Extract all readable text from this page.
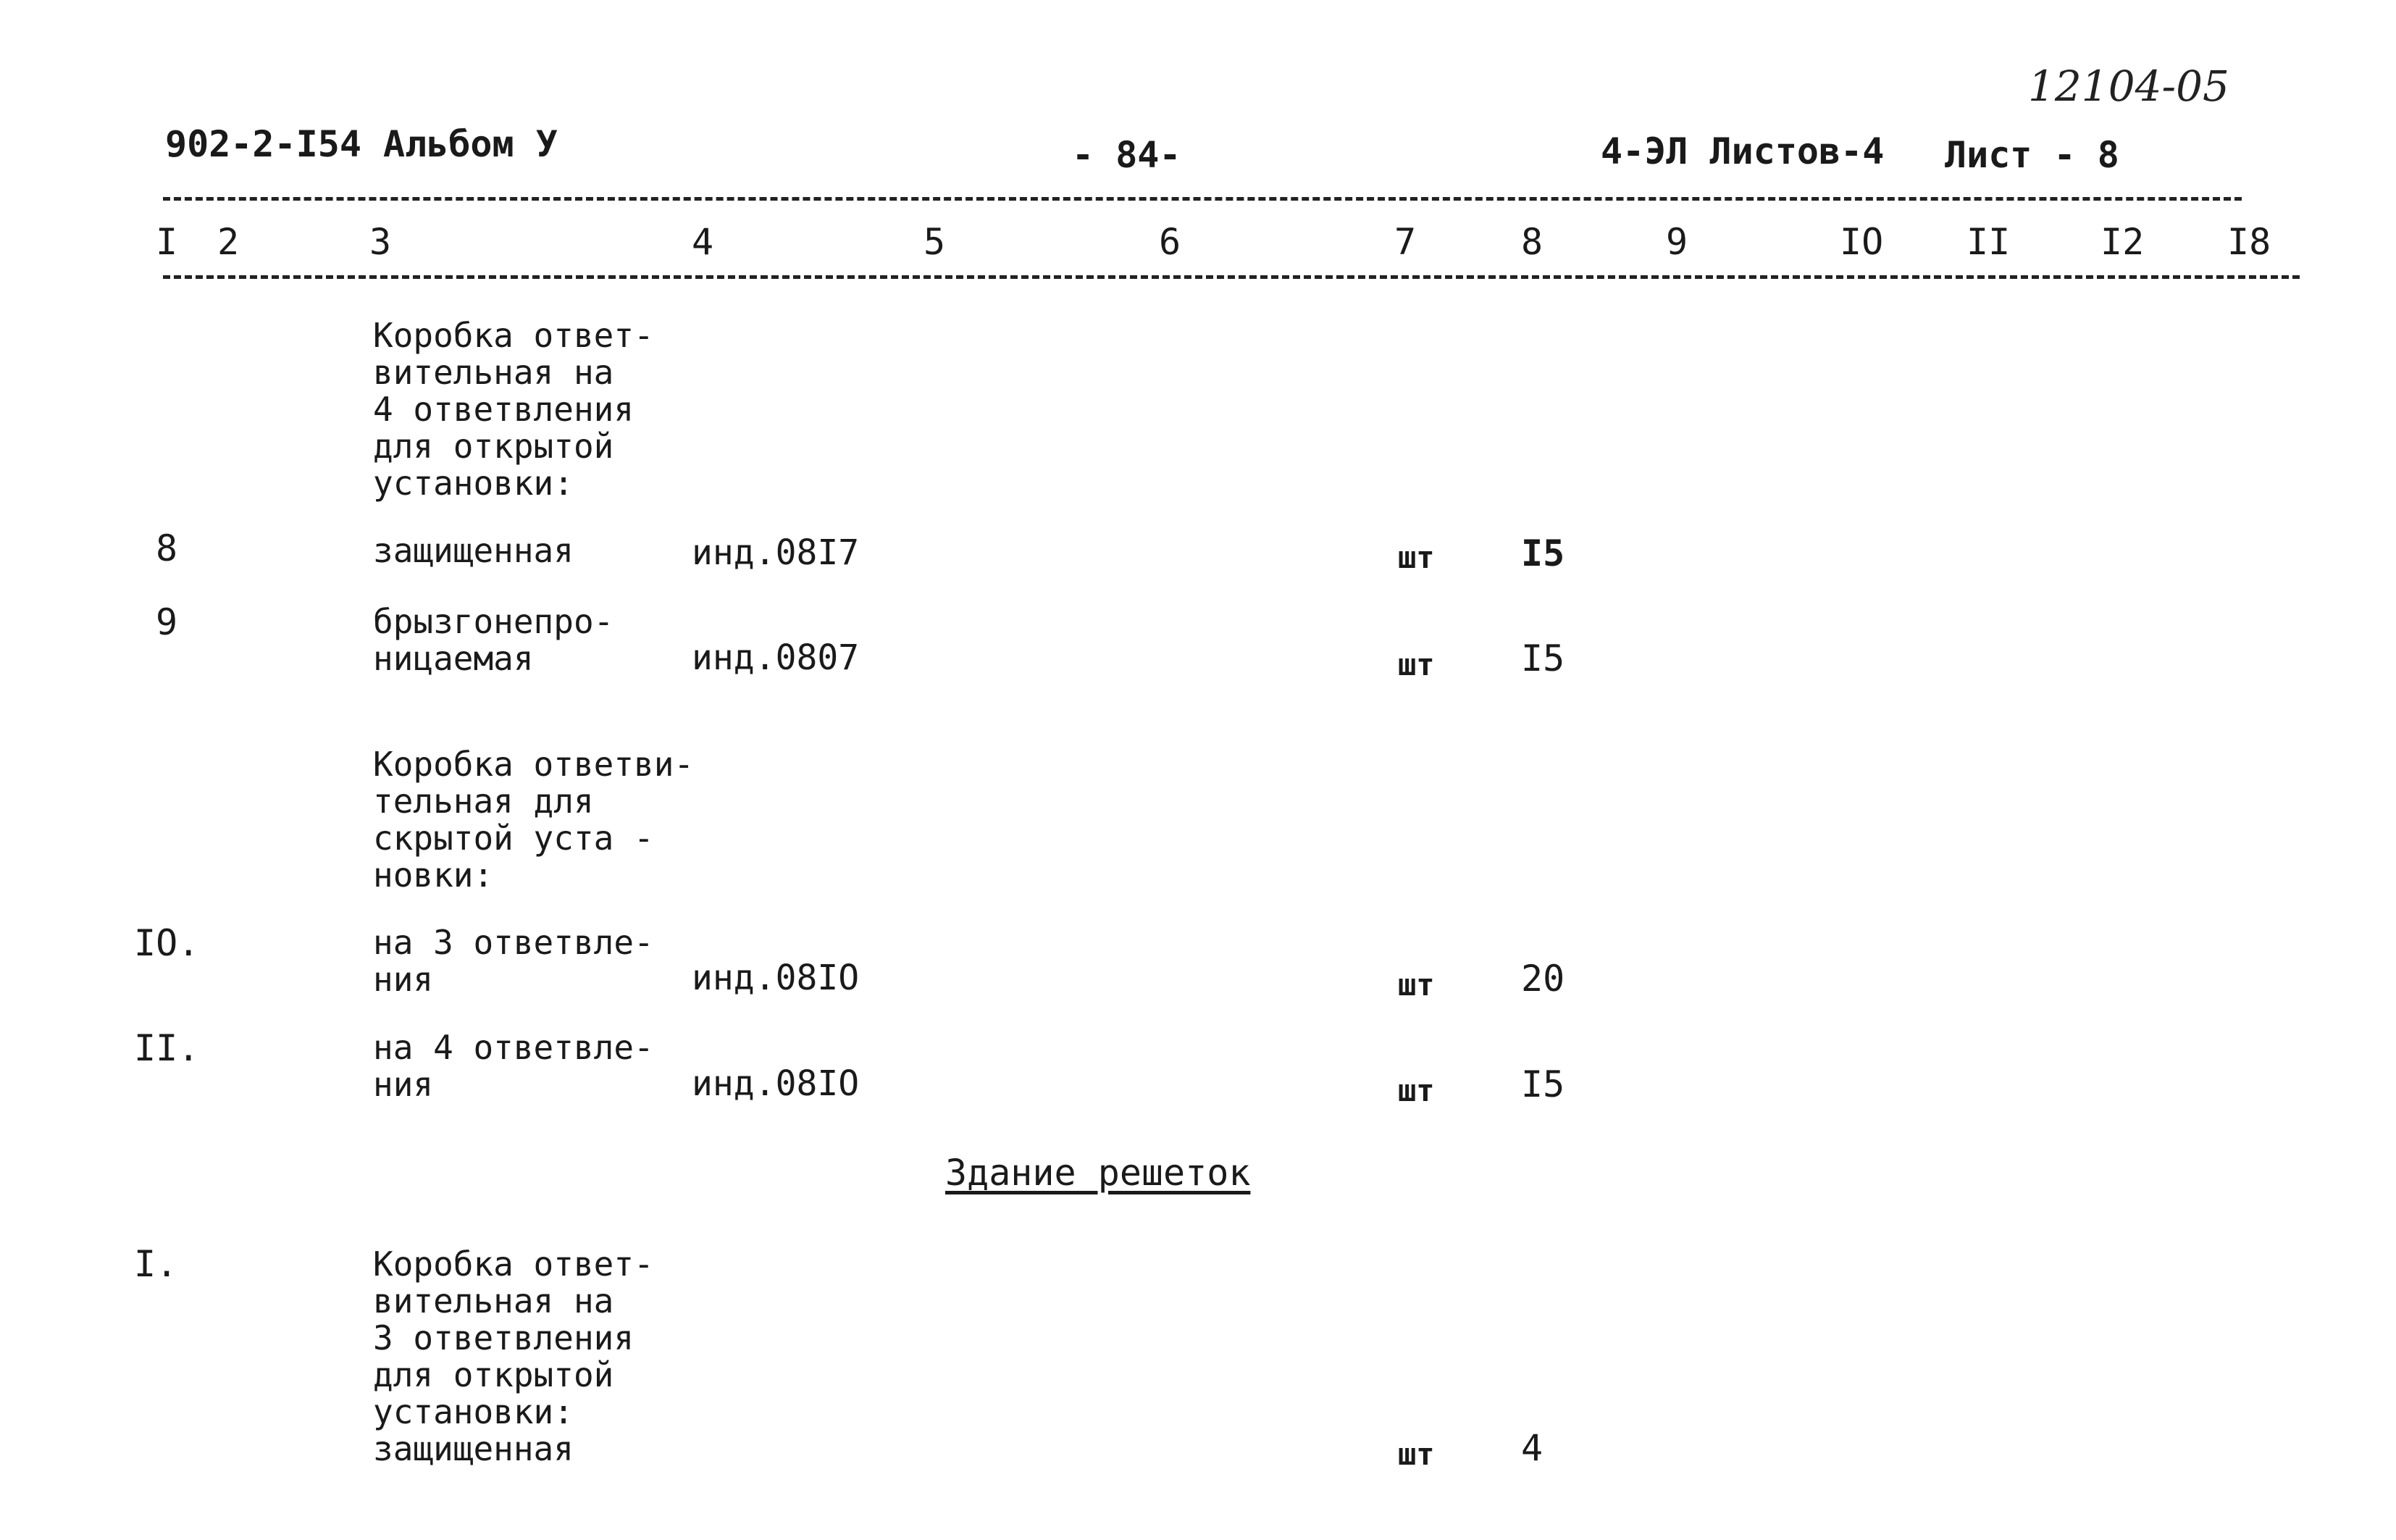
12104-05
902-2-I54 Альбом У	- 84-	4-ЭЛ Листов-4 Лист - 8
I 2	3	4	5	6	7	8	9	IO II I2 I8
Коробка ответ-
вительная на
4 ответвления
для открытой
установки:
8	защищенная	инд.08I7	шт I5
9	брызгонепро-
ницаемая	инд.0807	шт I5
Коробка ответви-
тельная для
скрытой уста -
новки:
IO.	на 3 ответвле-
ния	инд.08IO	шт 20
II.	на 4 ответвле-
ния	инд.08IO	шт I5
Здание решеток
I.	Коробка ответ-
вительная на
3 ответвления
для открытой
установки:
защищенная	шт 4
